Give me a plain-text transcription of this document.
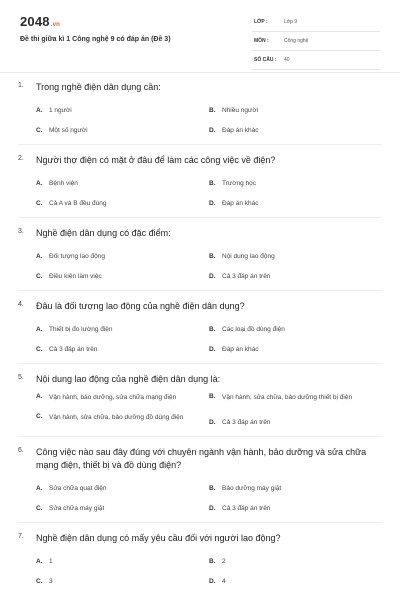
2048.vn
Đề thi giữa kì 1 Công nghệ 9 có đáp án (Đề 3)
LỚP :	Lớp 9
MÔN :	Công nghệ
SỐ CÂU : 40
1.	Trong nghề điện dân dụng cần:
A.	1 người	B.	Nhiều người
C.	Một số người	D.	Đáp án khác
2.	Người thợ điện có mặt ở đâu để làm các công việc về điện?
A.	Bệnh viện	B.	Trường học
C.	Cả A và B đều đúng	D.	Đáp án khác
3.	Nghề điện dân dụng có đặc điểm:
A.	Đối tượng lao động	B.	Nội dung lao động
C.	Điều kiện làm việc	D.	Cả 3 đáp án trên
4.	Đâu là đối tượng lao động của nghề điện dân dụng?
A.	Thiết bị đo lường điện	B.	Các loại đồ dùng điện
C.	Cả 3 đáp án trên	D.	Đáp án khác
5.	Nội dung lao động của nghề điện dân dụng là:
A.	Vận hành, bảo dưỡng, sửa chữa mạng điện	B.	Vận hành, sửa chữa, bảo dưỡng thiết bị điện
C.	Vận hành, sửa chữa, bảo dưỡng đồ dùng điện
D.	Cả 3 đáp án trên
6.	Công việc nào sau đây đúng với chuyên ngành vận hành, bảo dưỡng và sửa chữa mạng điện, thiết bị và đồ dùng điện?
A.	Sửa chữa quạt điện	B.	Bảo dưỡng máy giặt
C.	Sửa chữa máy giặt	D.	Cả 3 đáp án trên
7.	Nghề điện dân dụng có mấy yêu cầu đối với người lao động?
A.	1	B.	2
C.	3	D.	4
